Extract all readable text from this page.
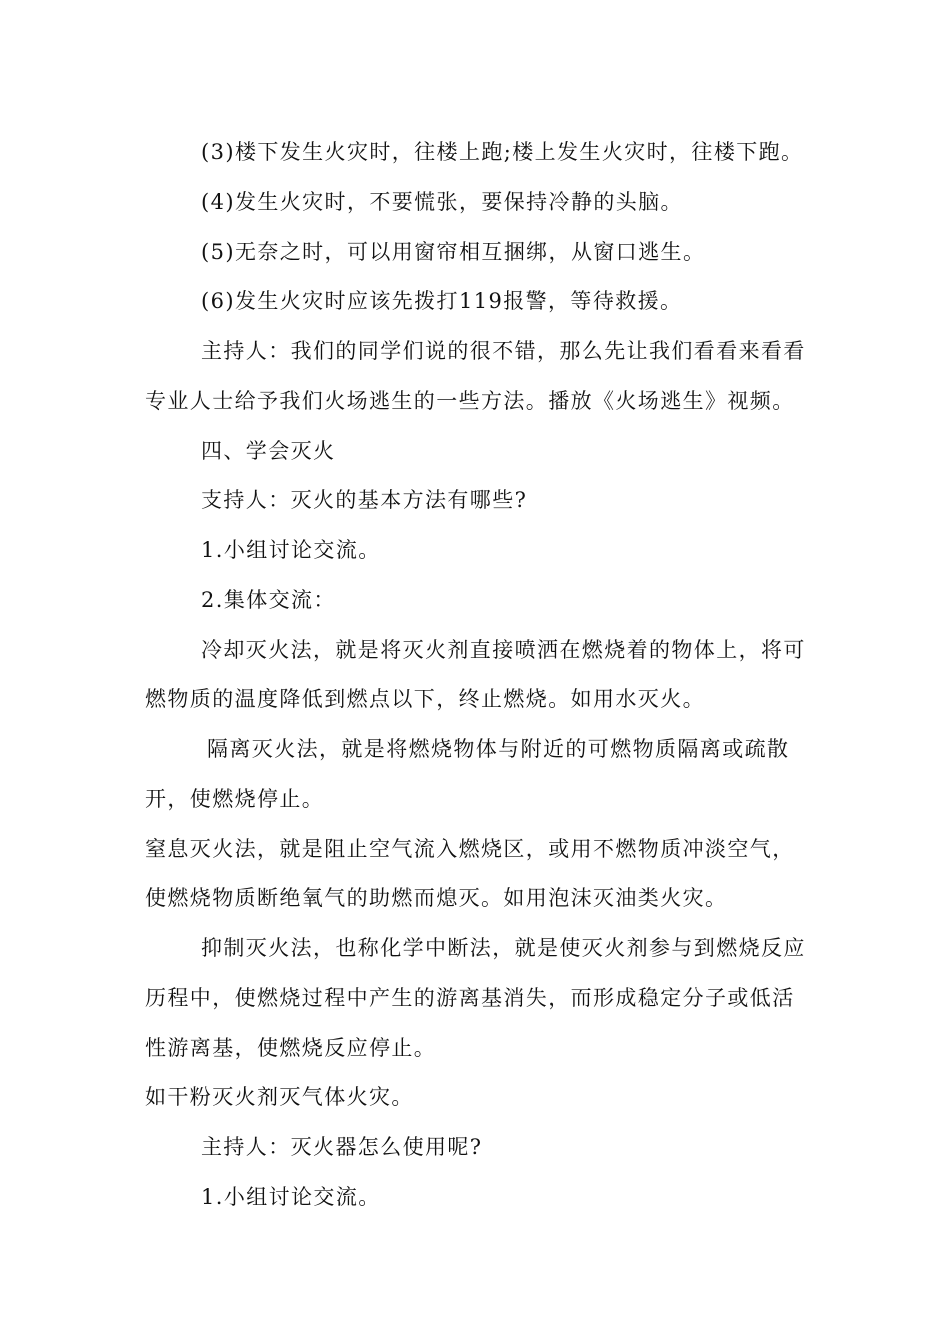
(3)楼下发生火灾时，往楼上跑;楼上发生火灾时，往楼下跑。
(4)发生火灾时，不要慌张，要保持冷静的头脑。
(5)无奈之时，可以用窗帘相互捆绑，从窗口逃生。
(6)发生火灾时应该先拨打119报警，等待救援。
主持人：我们的同学们说的很不错，那么先让我们看看来看看
专业人士给予我们火场逃生的一些方法。播放《火场逃生》视频。
四、学会灭火
支持人：灭火的基本方法有哪些?
1.小组讨论交流。
2.集体交流：
冷却灭火法，就是将灭火剂直接喷洒在燃烧着的物体上，将可
燃物质的温度降低到燃点以下，终止燃烧。如用水灭火。
隔离灭火法，就是将燃烧物体与附近的可燃物质隔离或疏散
开，使燃烧停止。
窒息灭火法，就是阻止空气流入燃烧区，或用不燃物质冲淡空气，
使燃烧物质断绝氧气的助燃而熄灭。如用泡沫灭油类火灾。
抑制灭火法，也称化学中断法，就是使灭火剂参与到燃烧反应
历程中，使燃烧过程中产生的游离基消失，而形成稳定分子或低活
性游离基，使燃烧反应停止。
如干粉灭火剂灭气体火灾。
主持人：灭火器怎么使用呢?
1.小组讨论交流。
